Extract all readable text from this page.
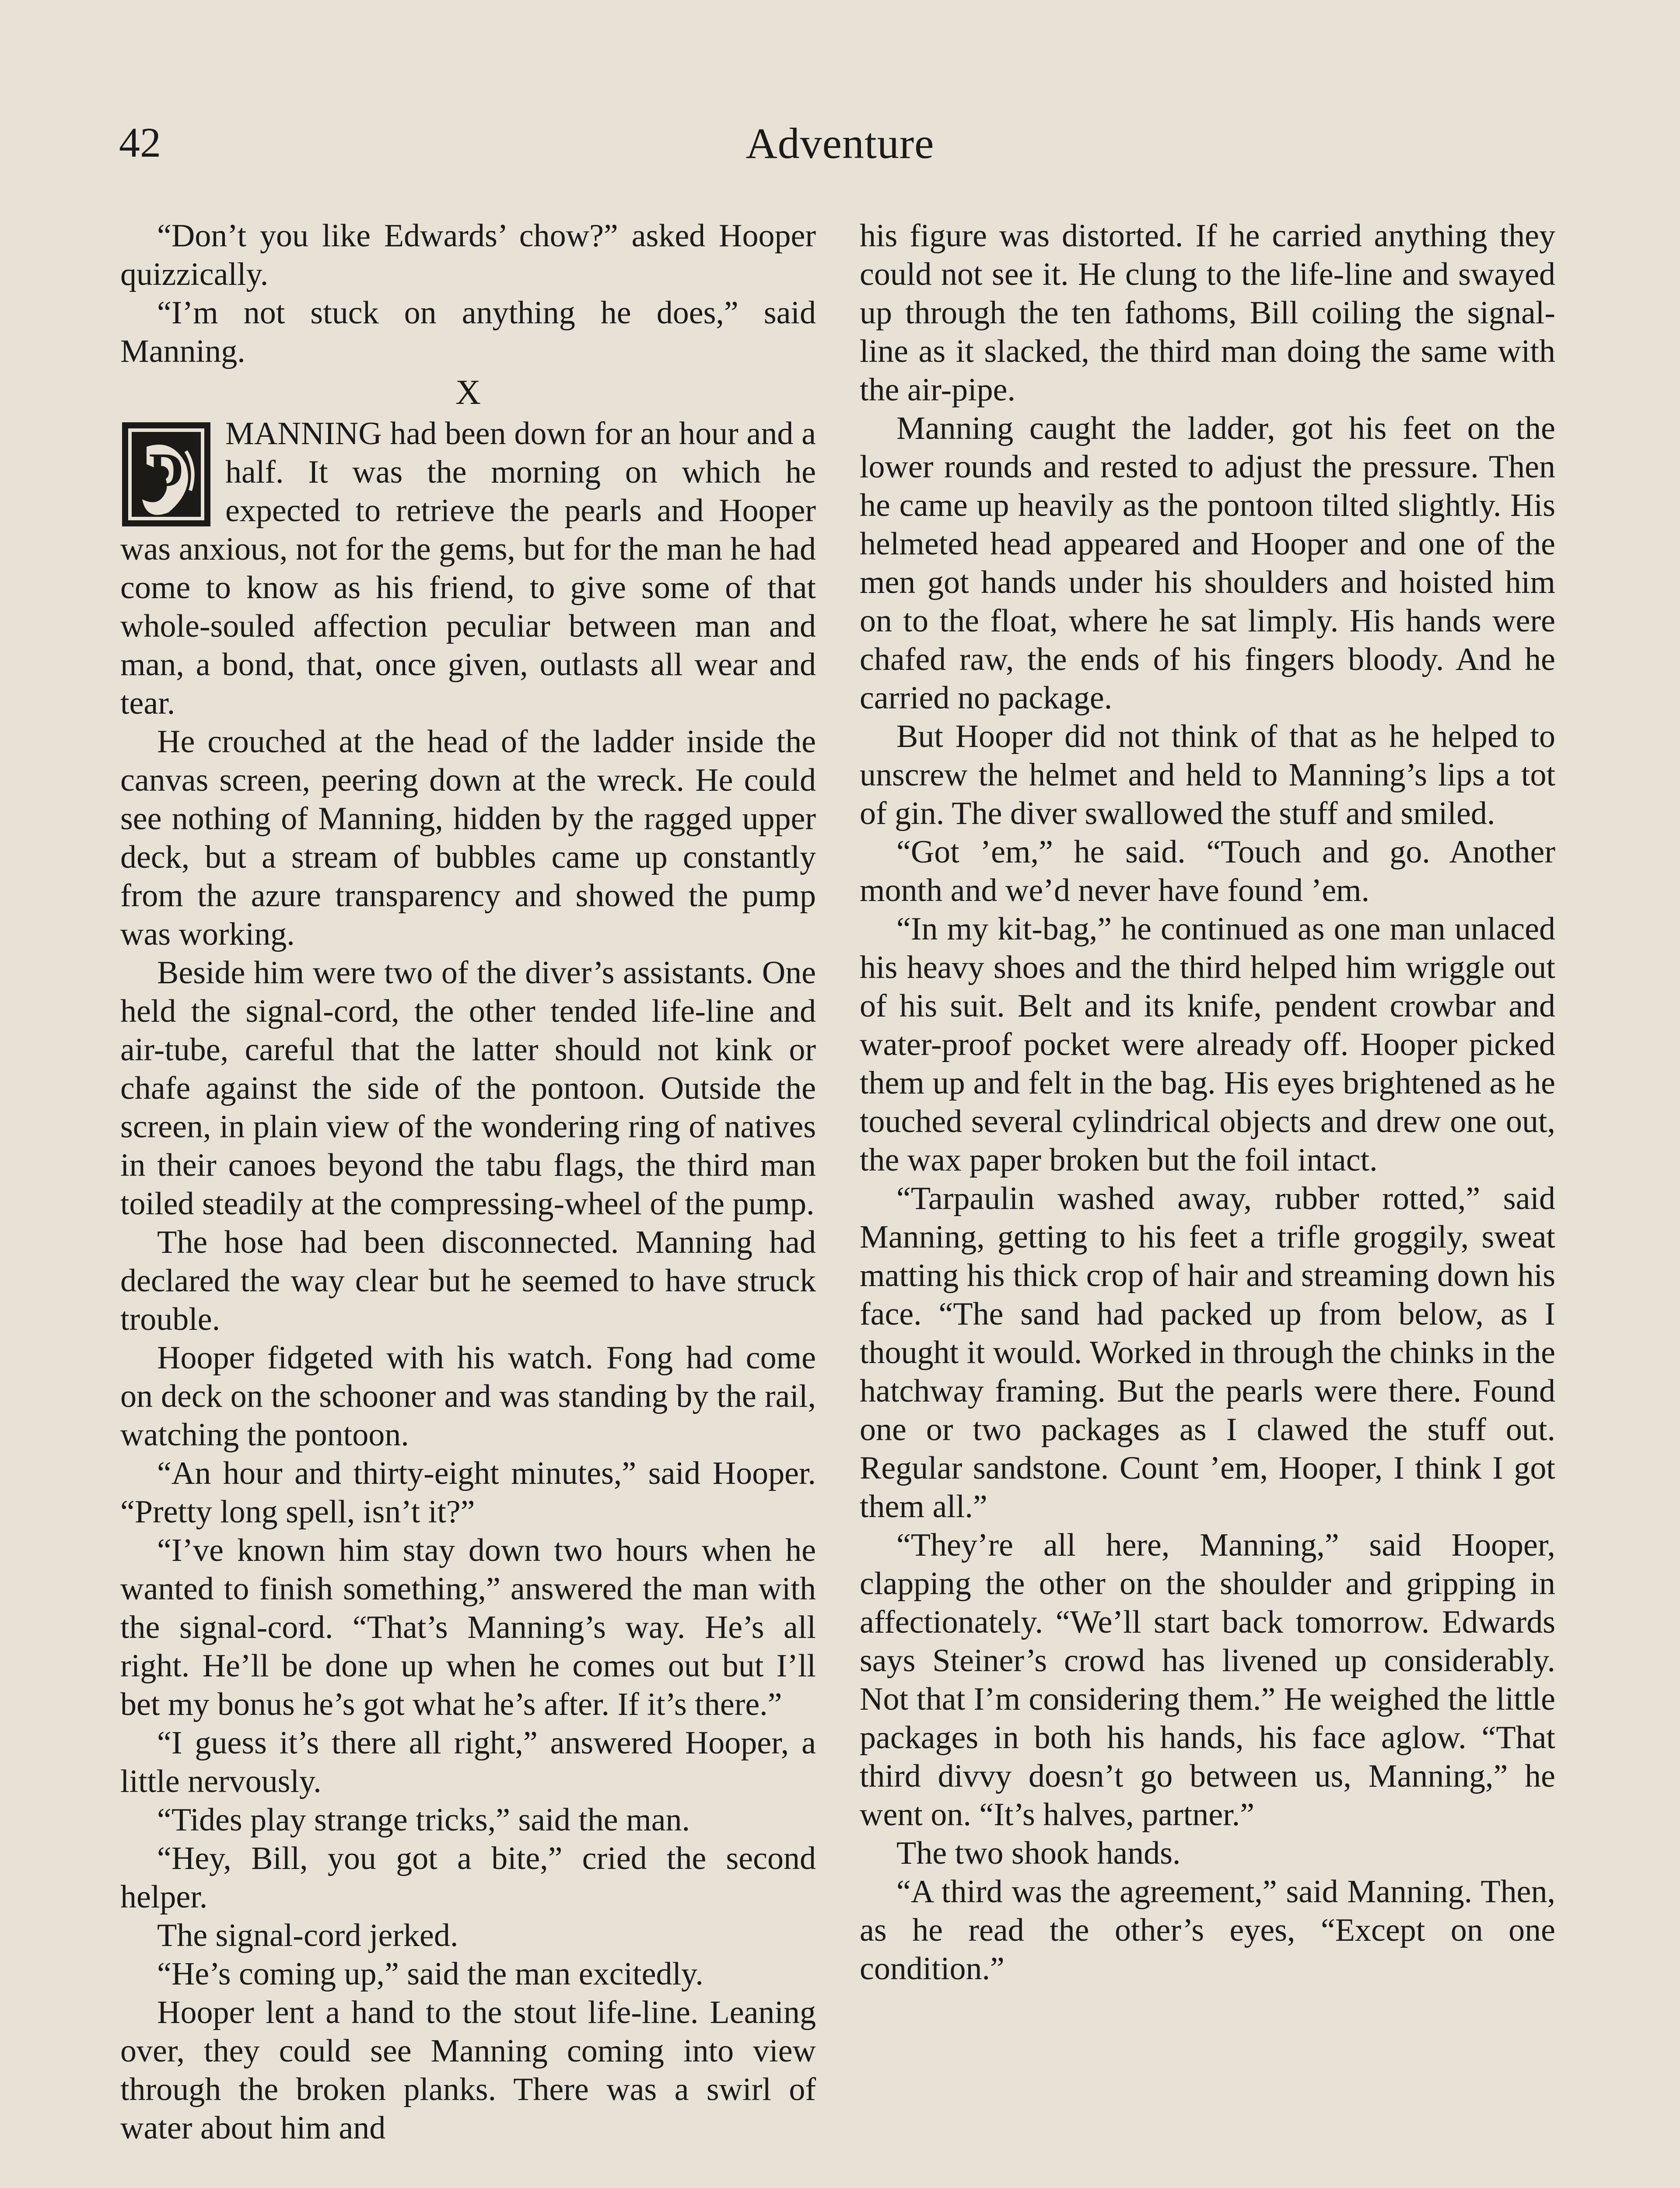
42	Adventure

“Don’t you like Edwards’ chow?” asked Hooper quizzically.

“I’m not stuck on anything he does,” said Manning.

X
D

MANNING had been down for an hour and a half. It was the morning on which he expected to retrieve the pearls and Hooper was anxious, not for the gems, but for the man he had come to know as his friend, to give some of that whole-souled affection peculiar between man and man, a bond, that, once given, outlasts all wear and tear.

He crouched at the head of the ladder inside the canvas screen, peering down at the wreck. He could see nothing of Manning, hidden by the ragged upper deck, but a stream of bubbles came up constantly from the azure transparency and showed the pump was working.

Beside him were two of the diver’s assistants. One held the signal-cord, the other tended life-line and air-tube, careful that the latter should not kink or chafe against the side of the pontoon. Outside the screen, in plain view of the wondering ring of natives in their canoes beyond the tabu flags, the third man toiled steadily at the compressing-wheel of the pump.

The hose had been disconnected. Manning had declared the way clear but he seemed to have struck trouble.

Hooper fidgeted with his watch. Fong had come on deck on the schooner and was standing by the rail, watching the pontoon.

“An hour and thirty-eight minutes,” said Hooper. “Pretty long spell, isn’t it?”

“I’ve known him stay down two hours when he wanted to finish something,” answered the man with the signal-cord. “That’s Manning’s way. He’s all right. He’ll be done up when he comes out but I’ll bet my bonus he’s got what he’s after. If it’s there.”

“I guess it’s there all right,” answered Hooper, a little nervously.

“Tides play strange tricks,” said the man.

“Hey, Bill, you got a bite,” cried the second helper.

The signal-cord jerked.

“He’s coming up,” said the man excitedly.

Hooper lent a hand to the stout life-line. Leaning over, they could see Manning coming into view through the broken planks. There was a swirl of water about him and

his figure was distorted. If he carried anything they could not see it. He clung to the life-line and swayed up through the ten fathoms, Bill coiling the signal-line as it slacked, the third man doing the same with the air-pipe.

Manning caught the ladder, got his feet on the lower rounds and rested to adjust the pressure. Then he came up heavily as the pontoon tilted slightly. His helmeted head appeared and Hooper and one of the men got hands under his shoulders and hoisted him on to the float, where he sat limply. His hands were chafed raw, the ends of his fingers bloody. And he carried no package.

But Hooper did not think of that as he helped to unscrew the helmet and held to Manning’s lips a tot of gin. The diver swallowed the stuff and smiled.

“Got ’em,” he said. “Touch and go. Another month and we’d never have found ’em.

“In my kit-bag,” he continued as one man unlaced his heavy shoes and the third helped him wriggle out of his suit. Belt and its knife, pendent crowbar and water-proof pocket were already off. Hooper picked them up and felt in the bag. His eyes brightened as he touched several cylindrical objects and drew one out, the wax paper broken but the foil intact.

“Tarpaulin washed away, rubber rotted,” said Manning, getting to his feet a trifle groggily, sweat matting his thick crop of hair and streaming down his face. “The sand had packed up from below, as I thought it would. Worked in through the chinks in the hatchway framing. But the pearls were there. Found one or two packages as I clawed the stuff out. Regular sandstone. Count ’em, Hooper, I think I got them all.”

“They’re all here, Manning,” said Hooper, clapping the other on the shoulder and gripping in affectionately. “We’ll start back tomorrow. Edwards says Steiner’s crowd has livened up considerably. Not that I’m considering them.” He weighed the little packages in both his hands, his face aglow. “That third divvy doesn’t go between us, Manning,” he went on. “It’s halves, partner.”

The two shook hands.

“A third was the agreement,” said Manning. Then, as he read the other’s eyes, “Except on one condition.”
